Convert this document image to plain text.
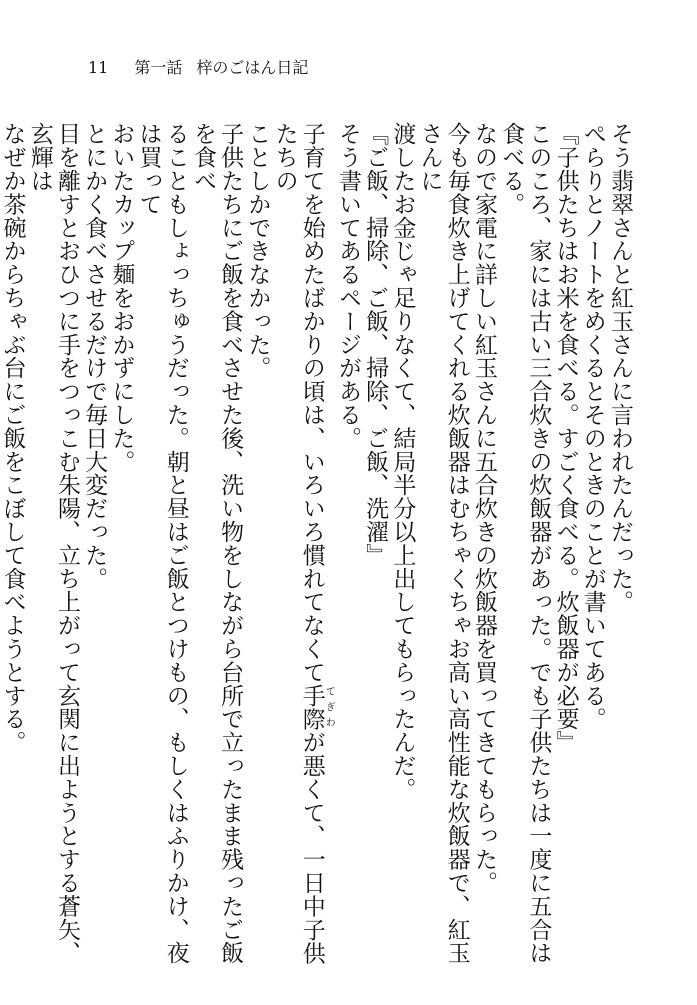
11 第一話 梓のごはん日記

そう翡翠さんと紅玉さんに言われたんだった。

ぺらりとノートをめくるとそのときのことが書いてある。

『子供たちはお米を食べる。すごく食べる。炊飯器が必要』

このころ、家には古い三合炊きの炊飯器があった。でも子供たちは一度に五合は食べる。

なので家電に詳しい紅玉さんに五合炊きの炊飯器を買ってきてもらった。

今も毎食炊き上げてくれる炊飯器はむちゃくちゃお高い高性能な炊飯器で、紅玉さんに

渡したお金じゃ足りなくて、結局半分以上出してもらったんだ。

『ご飯、掃除、ご飯、掃除、ご飯、洗濯』

そう書いてあるページがある。

子育てを始めたばかりの頃は、いろいろ慣れてなくて手際てぎわが悪くて、一日中子供たちの

ことしかできなかった。

子供たちにご飯を食べさせた後、洗い物をしながら台所で立ったまま残ったご飯を食べ

ることもしょっちゅうだった。朝と昼はご飯とつけもの、もしくはふりかけ、夜は買って

おいたカップ麺をおかずにした。

とにかく食べさせるだけで毎日大変だった。

目を離すとおひつに手をつっこむ朱陽、立ち上がって玄関に出ようとする蒼矢、玄輝は

なぜか茶碗からちゃぶ台にご飯をこぼして食べようとする。
